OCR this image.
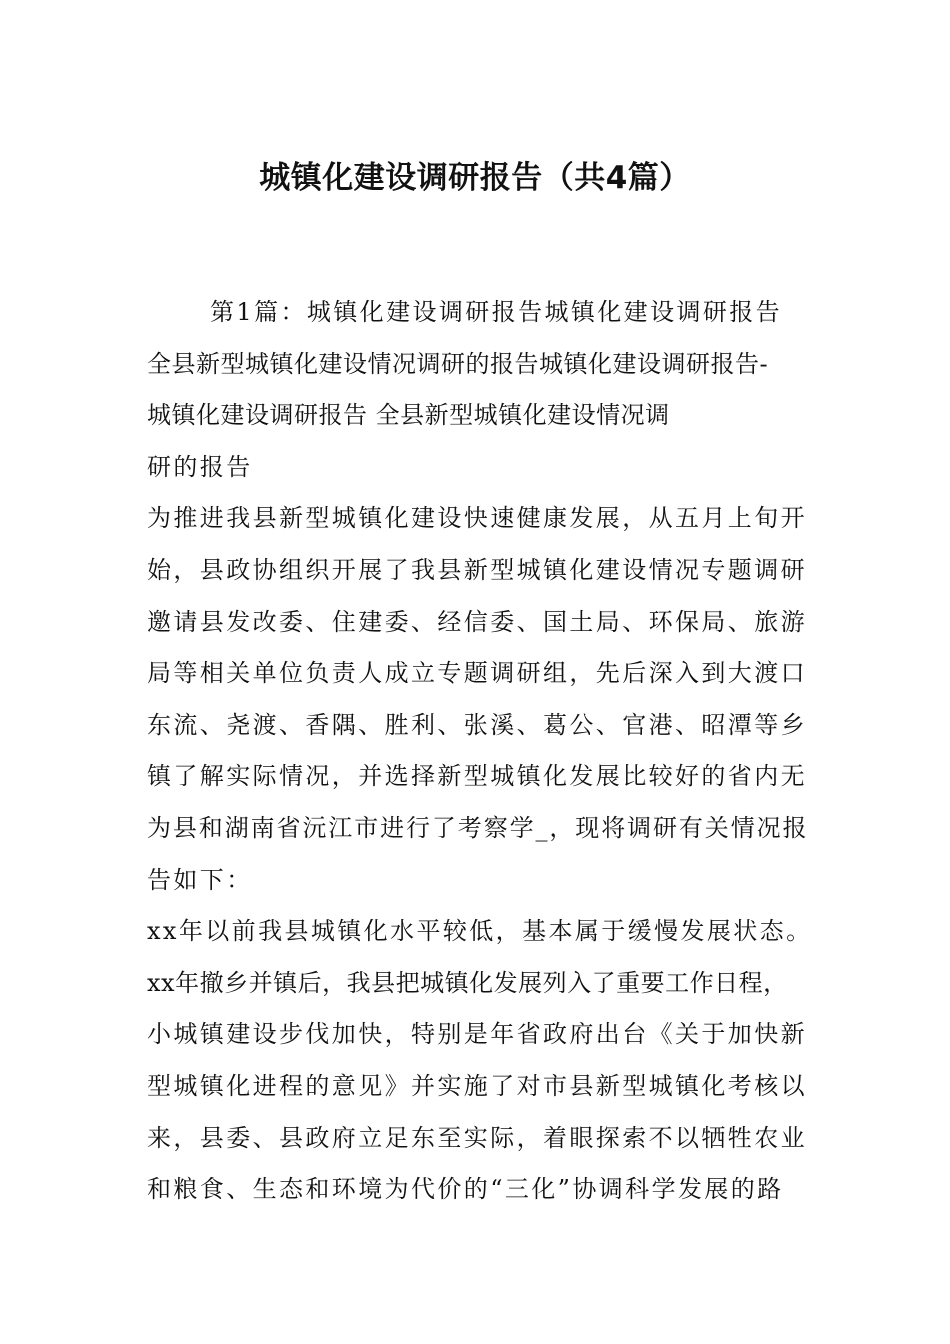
城镇化建设调研报告（共4篇）
第1篇：城镇化建设调研报告城镇化建设调研报告
全县新型城镇化建设情况调研的报告城镇化建设调研报告-
城镇化建设调研报告 全县新型城镇化建设情况调
研的报告
为推进我县新型城镇化建设快速健康发展，从五月上旬开
始，县政协组织开展了我县新型城镇化建设情况专题调研
邀请县发改委、住建委、经信委、国土局、环保局、旅游
局等相关单位负责人成立专题调研组，先后深入到大渡口
东流、尧渡、香隅、胜利、张溪、葛公、官港、昭潭等乡
镇了解实际情况，并选择新型城镇化发展比较好的省内无
为县和湖南省沅江市进行了考察学_，现将调研有关情况报
告如下：
xx年以前我县城镇化水平较低，基本属于缓慢发展状态。
xx年撤乡并镇后，我县把城镇化发展列入了重要工作日程，
小城镇建设步伐加快，特别是年省政府出台《关于加快新
型城镇化进程的意见》并实施了对市县新型城镇化考核以
来，县委、县政府立足东至实际，着眼探索不以牺牲农业
和粮食、生态和环境为代价的“三化”协调科学发展的路
